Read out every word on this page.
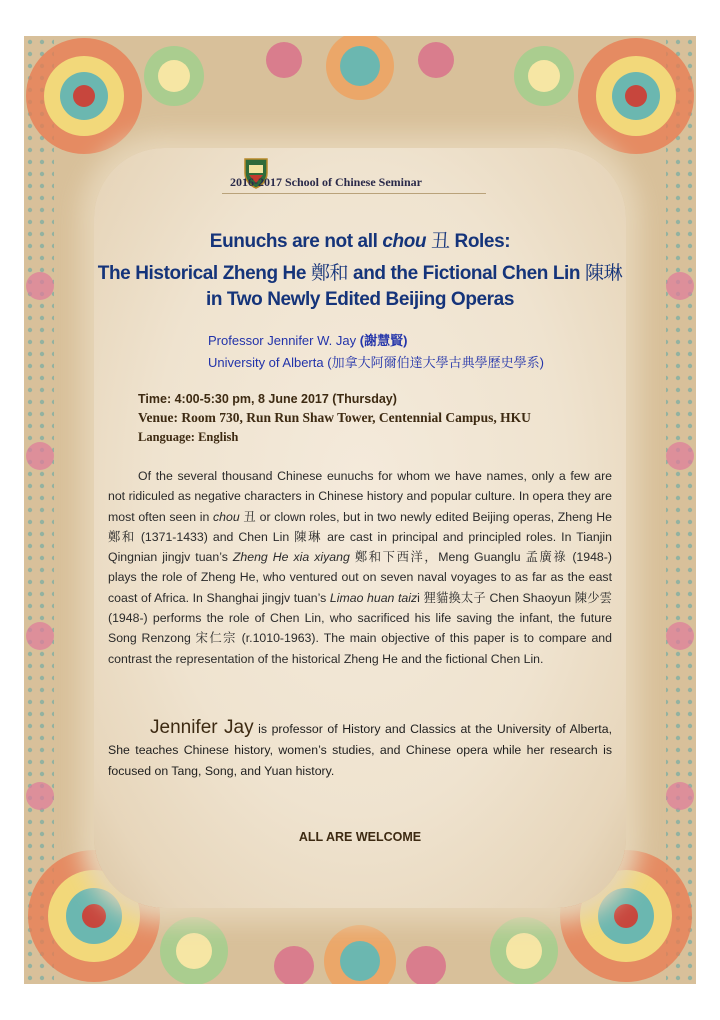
2016-2017 School of Chinese Seminar
Eunuchs are not all chou 丑 Roles:
The Historical Zheng He 鄭和 and the Fictional Chen Lin 陳琳
in Two Newly Edited Beijing Operas
Professor Jennifer W. Jay (謝慧賢)
University of Alberta (加拿大阿爾伯達大學古典學歷史學系)
Time: 4:00-5:30 pm, 8 June 2017 (Thursday)
Venue: Room 730, Run Run Shaw Tower, Centennial Campus, HKU
Language: English
Of the several thousand Chinese eunuchs for whom we have names, only a few are not ridiculed as negative characters in Chinese history and popular culture. In opera they are most often seen in chou 丑 or clown roles, but in two newly edited Beijing operas, Zheng He 鄭和 (1371-1433) and Chen Lin 陳琳 are cast in principal and principled roles. In Tianjin Qingnian jingjv tuan’s Zheng He xia xiyang 鄭和下西洋，Meng Guanglu 孟廣祿 (1948-) plays the role of Zheng He, who ventured out on seven naval voyages to as far as the east coast of Africa. In Shanghai jingjv tuan’s Limao huan taizi 狸貓換太子 Chen Shaoyun 陳少雲 (1948-) performs the role of Chen Lin, who sacrificed his life saving the infant, the future Song Renzong 宋仁宗 (r.1010-1963). The main objective of this paper is to compare and contrast the representation of the historical Zheng He and the fictional Chen Lin.
Jennifer Jay is professor of History and Classics at the University of Alberta, She teaches Chinese history, women’s studies, and Chinese opera while her research is focused on Tang, Song, and Yuan history.
ALL ARE WELCOME
